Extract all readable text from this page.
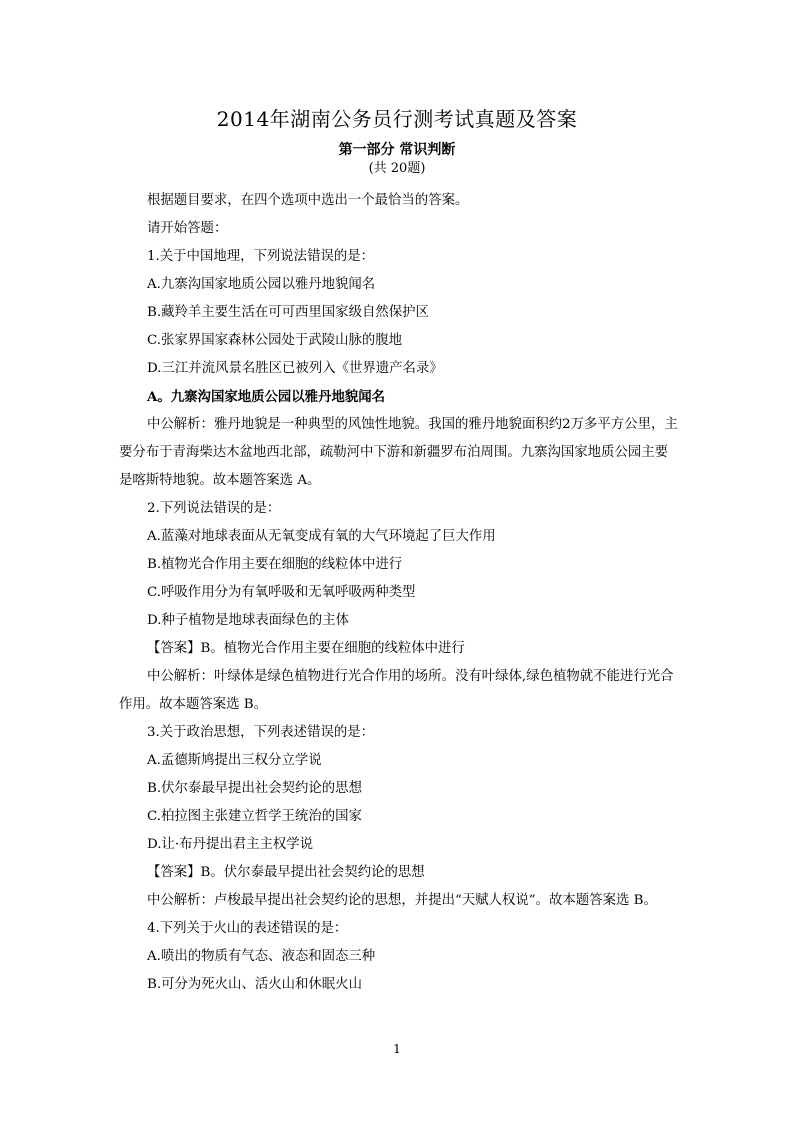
2014年湖南公务员行测考试真题及答案
第一部分 常识判断
(共 20题)

根据题目要求，在四个选项中选出一个最恰当的答案。

请开始答题：

1.关于中国地理，下列说法错误的是：

A.九寨沟国家地质公园以雅丹地貌闻名

B.藏羚羊主要生活在可可西里国家级自然保护区

C.张家界国家森林公园处于武陵山脉的腹地

D.三江并流风景名胜区已被列入《世界遗产名录》

A。九寨沟国家地质公园以雅丹地貌闻名

中公解析：雅丹地貌是一种典型的风蚀性地貌。我国的雅丹地貌面积约2万多平方公里，主要分布于青海柴达木盆地西北部，疏勒河中下游和新疆罗布泊周围。九寨沟国家地质公园主要是喀斯特地貌。故本题答案选 A。

2.下列说法错误的是：

A.蓝藻对地球表面从无氧变成有氧的大气环境起了巨大作用

B.植物光合作用主要在细胞的线粒体中进行

C.呼吸作用分为有氧呼吸和无氧呼吸两种类型

D.种子植物是地球表面绿色的主体

【答案】B。植物光合作用主要在细胞的线粒体中进行

中公解析：叶绿体是绿色植物进行光合作用的场所。没有叶绿体,绿色植物就不能进行光合作用。故本题答案选 B。

3.关于政治思想，下列表述错误的是：

A.孟德斯鸠提出三权分立学说

B.伏尔泰最早提出社会契约论的思想

C.柏拉图主张建立哲学王统治的国家

D.让·布丹提出君主主权学说

【答案】B。伏尔泰最早提出社会契约论的思想

中公解析：卢梭最早提出社会契约论的思想，并提出“天赋人权说”。故本题答案选 B。

4.下列关于火山的表述错误的是：

A.喷出的物质有气态、液态和固态三种

B.可分为死火山、活火山和休眠火山

1
